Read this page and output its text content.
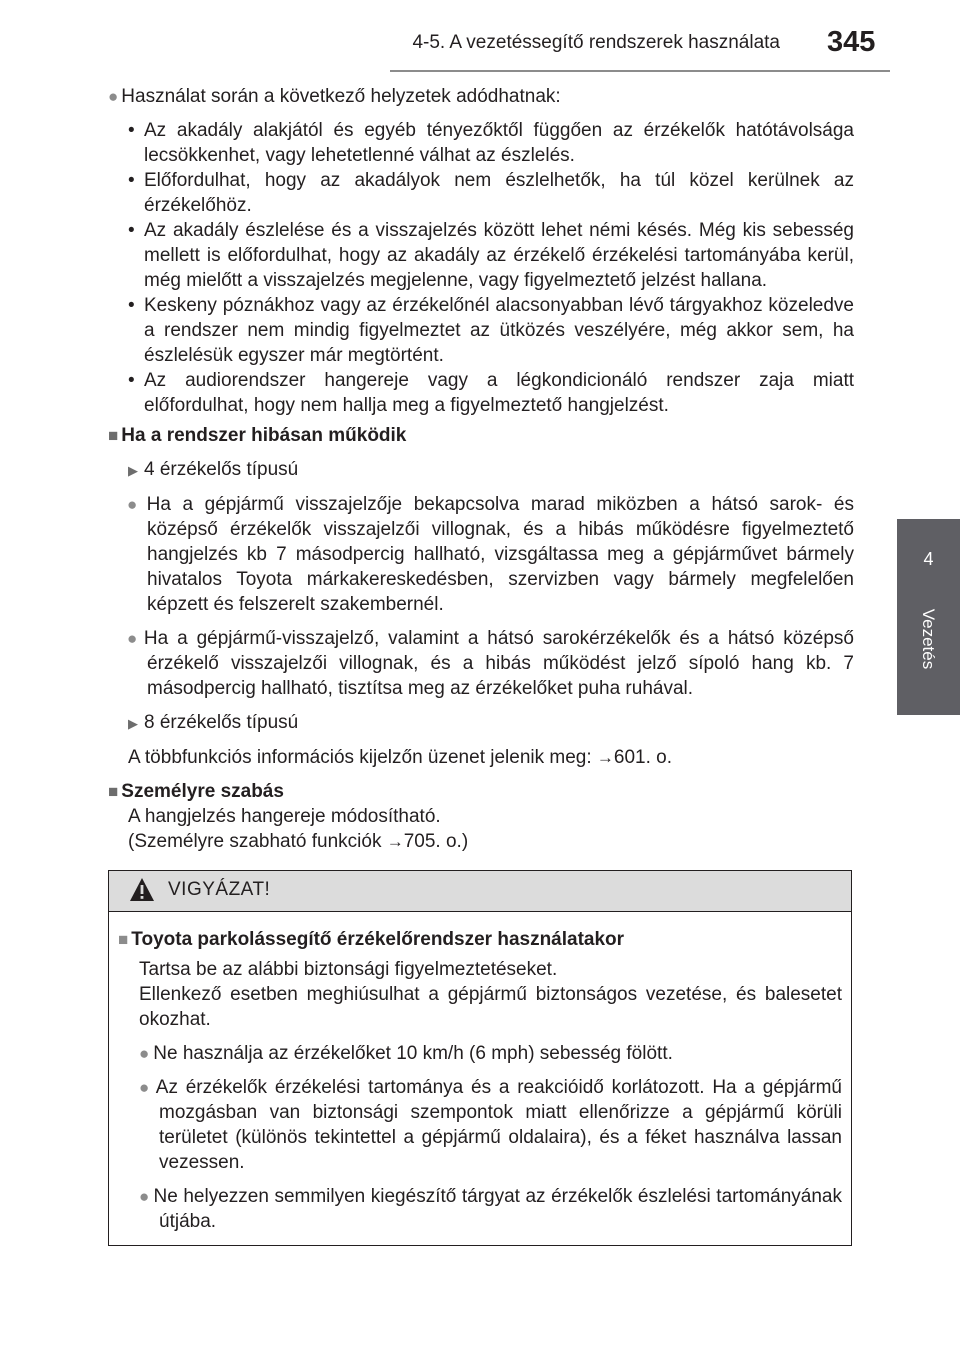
4-5. A vezetéssegítő rendszerek használata 345
4
Vezetés

● Használat során a következő helyzetek adódhatnak:

• Az akadály alakjától és egyéb tényezőktől függően az érzékelők hatótávolsága lecsökkenhet, vagy lehetetlenné válhat az észlelés.

• Előfordulhat, hogy az akadályok nem észlelhetők, ha túl közel kerülnek az érzékelőhöz.

• Az akadály észlelése és a visszajelzés között lehet némi késés. Még kis sebesség mellett is előfordulhat, hogy az akadály az érzékelő érzékelési tartományába kerül, még mielőtt a visszajelzés megjelenne, vagy figyelmeztető jelzést hallana.

• Keskeny póznákhoz vagy az érzékelőnél alacsonyabban lévő tárgyakhoz közeledve a rendszer nem mindig figyelmeztet az ütközés veszélyére, még akkor sem, ha észlelésük egyszer már megtörtént.

• Az audiorendszer hangereje vagy a légkondicionáló rendszer zaja miatt előfordulhat, hogy nem hallja meg a figyelmeztető hangjelzést.

■ Ha a rendszer hibásan működik

▶ 4 érzékelős típusú

● Ha a gépjármű visszajelzője bekapcsolva marad miközben a hátsó sarok- és középső érzékelők visszajelzői villognak, és a hibás működésre figyelmeztető hangjelzés kb 7 másodpercig hallható, vizsgáltassa meg a gépjárművet bármely hivatalos Toyota márkakereskedésben, szervizben vagy bármely megfelelően képzett és felszerelt szakembernél.

● Ha a gépjármű-visszajelző, valamint a hátsó sarokérzékelők és a hátsó középső érzékelő visszajelzői villognak, és a hibás működést jelző sípoló hang kb. 7 másodpercig hallható, tisztítsa meg az érzékelőket puha ruhával.

▶ 8 érzékelős típusú

A többfunkciós információs kijelzőn üzenet jelenik meg: →601. o.

■ Személyre szabás

A hangjelzés hangereje módosítható.

(Személyre szabható funkciók →705. o.)

VIGYÁZAT!

■ Toyota parkolássegítő érzékelőrendszer használatakor

Tartsa be az alábbi biztonsági figyelmeztetéseket.

Ellenkező esetben meghiúsulhat a gépjármű biztonságos vezetése, és balesetet okozhat.

● Ne használja az érzékelőket 10 km/h (6 mph) sebesség fölött.

● Az érzékelők érzékelési tartománya és a reakcióidő korlátozott. Ha a gépjármű mozgásban van biztonsági szempontok miatt ellenőrizze a gépjármű körüli területet (különös tekintettel a gépjármű oldalaira), és a féket használva lassan vezessen.

● Ne helyezzen semmilyen kiegészítő tárgyat az érzékelők észlelési tartományának útjába.
